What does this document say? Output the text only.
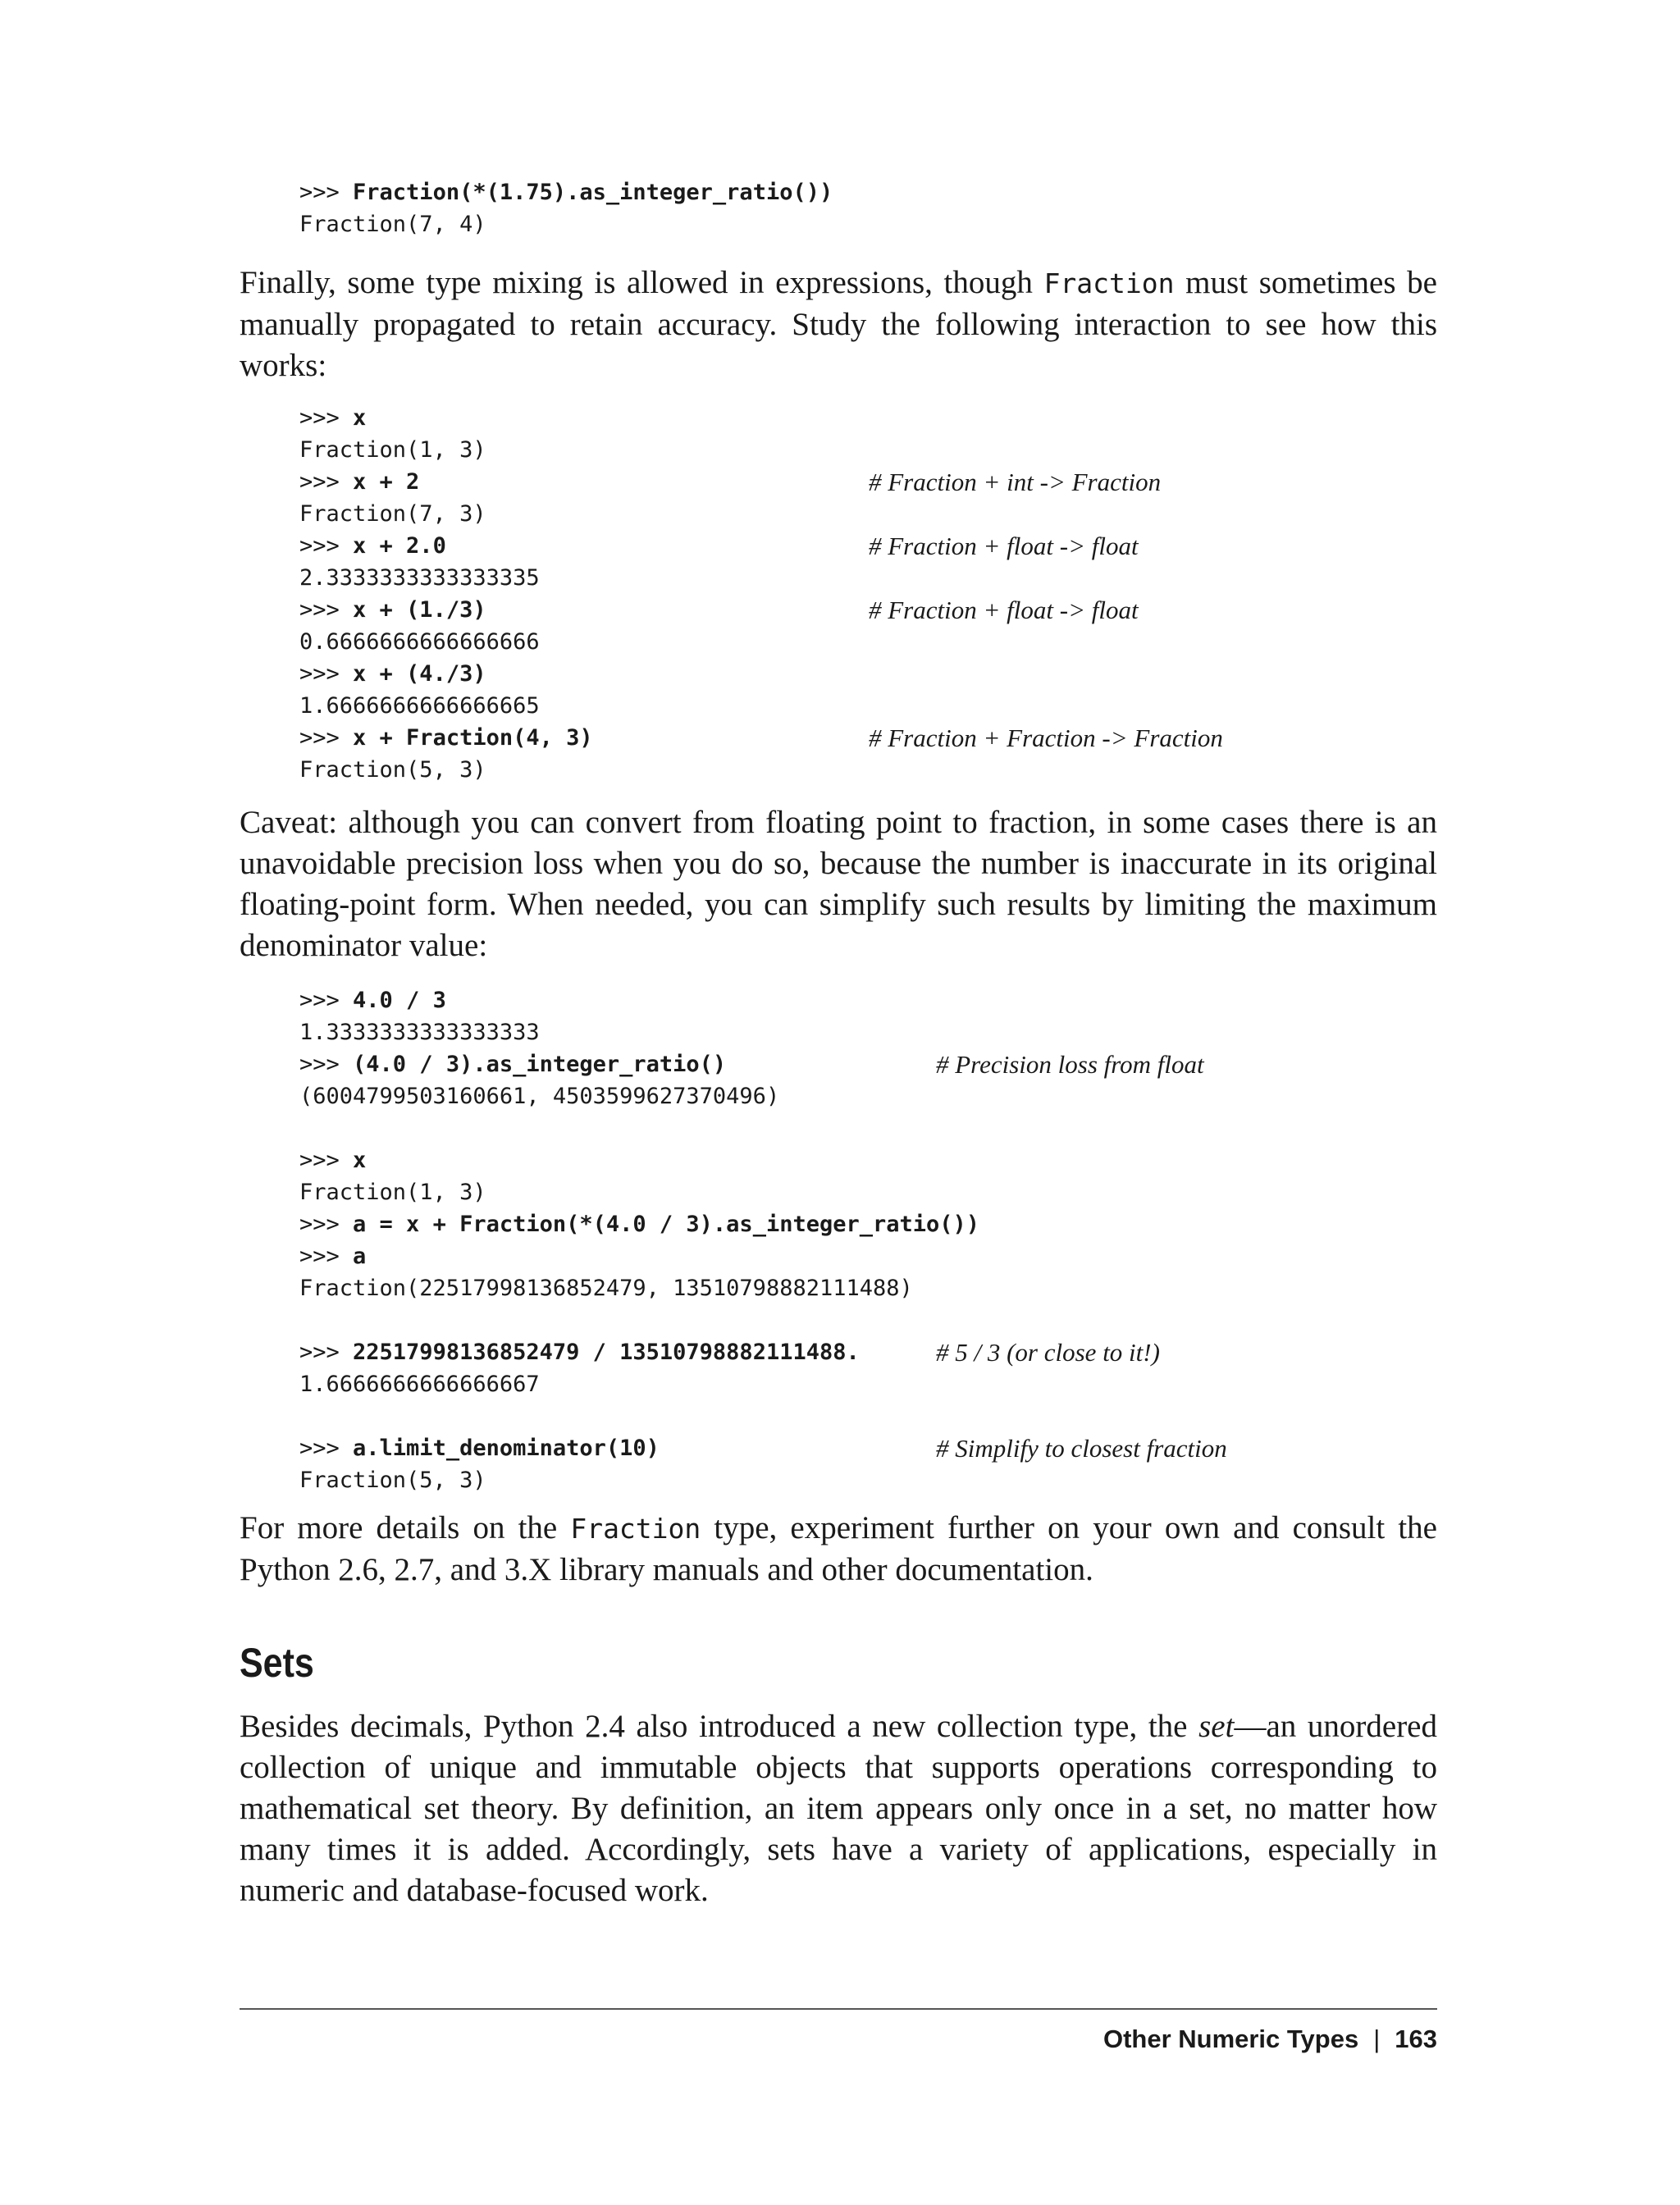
>>> Fraction(*(1.75).as_integer_ratio())
Fraction(7, 4)

Finally, some type mixing is allowed in expressions, though Fraction must sometimes be manually propagated to retain accuracy. Study the following interaction to see how this works:

>>> x
Fraction(1, 3)
>>> x + 2	# Fraction + int -> Fraction
Fraction(7, 3)
>>> x + 2.0	# Fraction + float -> float
2.3333333333333335
>>> x + (1./3)	# Fraction + float -> float
0.6666666666666666
>>> x + (4./3)
1.6666666666666665
>>> x + Fraction(4, 3)	# Fraction + Fraction -> Fraction
Fraction(5, 3)

Caveat: although you can convert from floating point to fraction, in some cases there is an unavoidable precision loss when you do so, because the number is inaccurate in its original floating-point form. When needed, you can simplify such results by limiting the maximum denominator value:

>>> 4.0 / 3
1.3333333333333333
>>> (4.0 / 3).as_integer_ratio()	# Precision loss from float
(6004799503160661, 4503599627370496)
>>> x
Fraction(1, 3)
>>> a = x + Fraction(*(4.0 / 3).as_integer_ratio())
>>> a
Fraction(22517998136852479, 13510798882111488)
>>> 22517998136852479 / 13510798882111488.	# 5 / 3 (or close to it!)
1.6666666666666667
>>> a.limit_denominator(10)	# Simplify to closest fraction
Fraction(5, 3)

For more details on the Fraction type, experiment further on your own and consult the Python 2.6, 2.7, and 3.X library manuals and other documentation.

Sets

Besides decimals, Python 2.4 also introduced a new collection type, the set—an unordered collection of unique and immutable objects that supports operations corresponding to mathematical set theory. By definition, an item appears only once in a set, no matter how many times it is added. Accordingly, sets have a variety of applications, especially in numeric and database-focused work.

Other Numeric Types | 163
